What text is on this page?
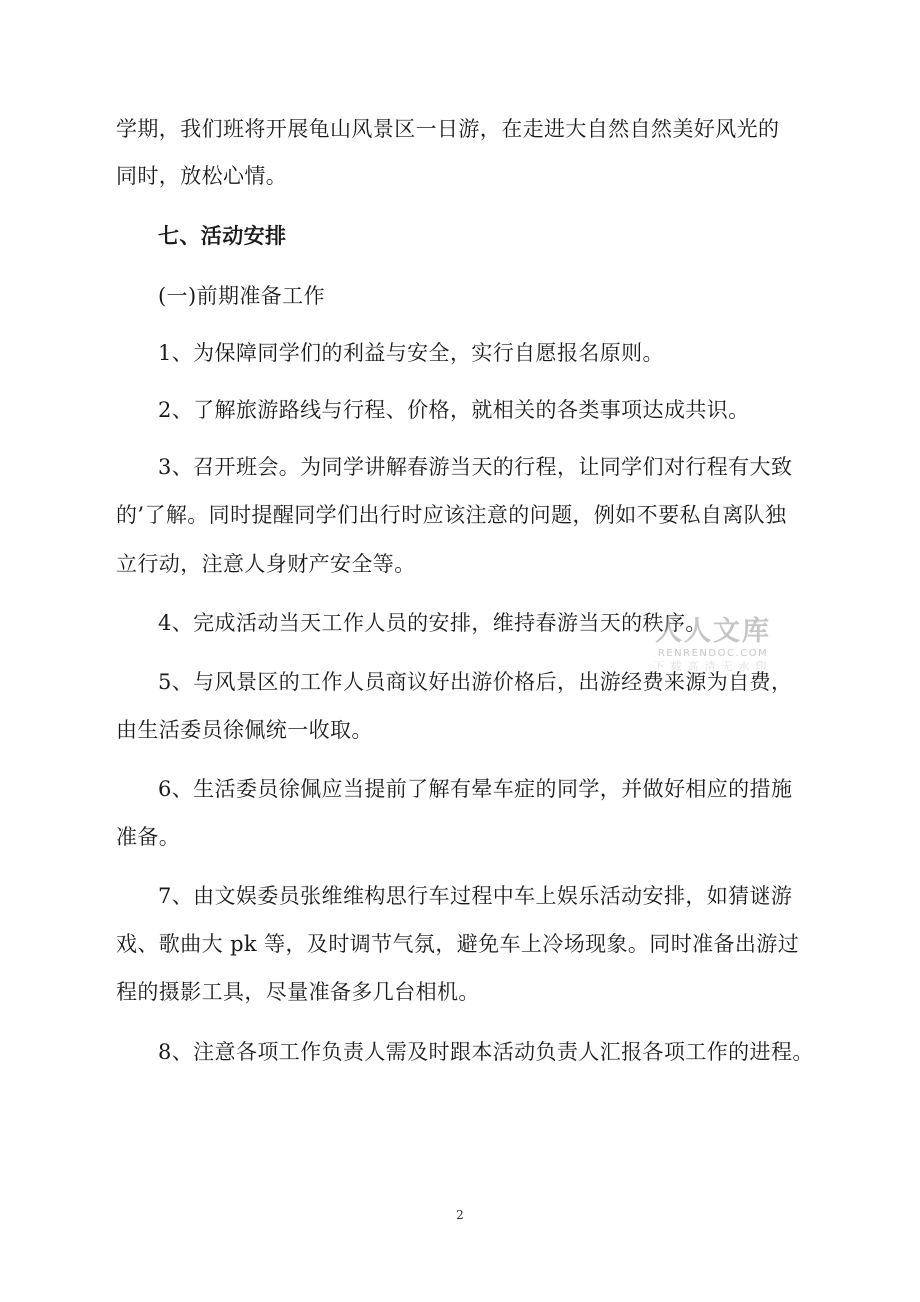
学期，我们班将开展龟山风景区一日游，在走进大自然自然美好风光的
同时，放松心情。
七、活动安排
(一)前期准备工作
1、为保障同学们的利益与安全，实行自愿报名原则。
2、了解旅游路线与行程、价格，就相关的各类事项达成共识。
3、召开班会。为同学讲解春游当天的行程，让同学们对行程有大致
的’了解。同时提醒同学们出行时应该注意的问题，例如不要私自离队独
立行动，注意人身财产安全等。
4、完成活动当天工作人员的安排，维持春游当天的秩序。
5、与风景区的工作人员商议好出游价格后，出游经费来源为自费，
由生活委员徐佩统一收取。
6、生活委员徐佩应当提前了解有晕车症的同学，并做好相应的措施
准备。
7、由文娱委员张维维构思行车过程中车上娱乐活动安排，如猜谜游
戏、歌曲大 pk 等，及时调节气氛，避免车上冷场现象。同时准备出游过
程的摄影工具，尽量准备多几台相机。
8、注意各项工作负责人需及时跟本活动负责人汇报各项工作的进程。
人人文库
RENRENDOC.COM
下载高清无水印
2
